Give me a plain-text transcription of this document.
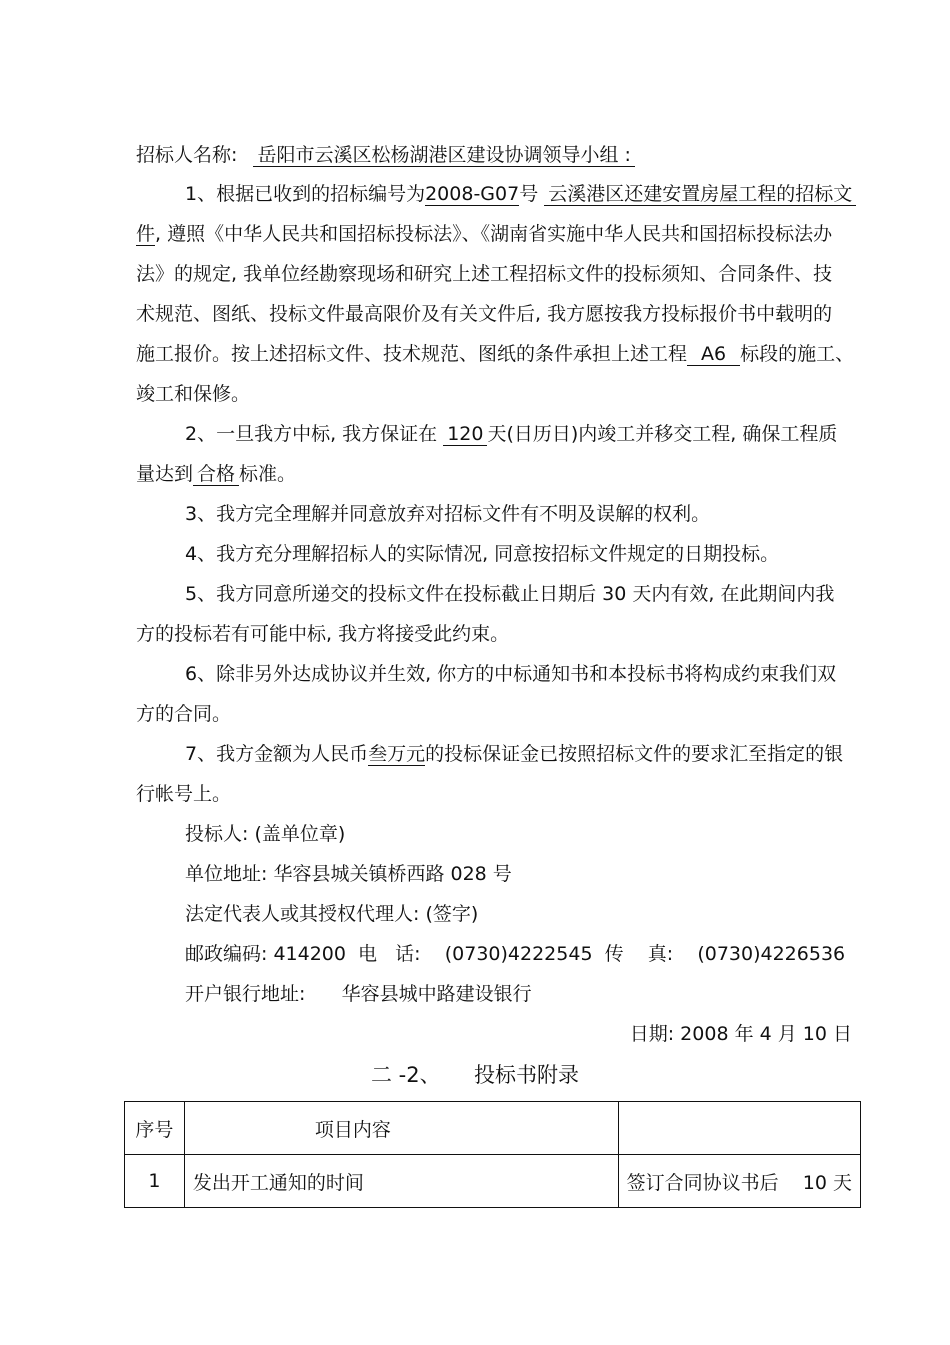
招标人名称: 岳阳市云溪区松杨湖港区建设协调领导小组 :
1、根据已收到的招标编号为2008-G07号 云溪港区还建安置房屋工程的招标文
件, 遵照《中华人民共和国招标投标法》、《湖南省实施中华人民共和国招标投标法办
法》的规定, 我单位经勘察现场和研究上述工程招标文件的投标须知、合同条件、技
术规范、图纸、投标文件最高限价及有关文件后, 我方愿按我方投标报价书中载明的
施工报价。按上述招标文件、技术规范、图纸的条件承担上述工程 A6 标段的施工、
竣工和保修。
2、一旦我方中标, 我方保证在 120 天(日历日)内竣工并移交工程, 确保工程质
量达到 合格 标准。
3、我方完全理解并同意放弃对招标文件有不明及误解的权利。
4、我方充分理解招标人的实际情况, 同意按招标文件规定的日期投标。
5、我方同意所递交的投标文件在投标截止日期后 30 天内有效, 在此期间内我
方的投标若有可能中标, 我方将接受此约束。
6、除非另外达成协议并生效, 你方的中标通知书和本投标书将构成约束我们双
方的合同。
7、我方金额为人民币叁万元的投标保证金已按照招标文件的要求汇至指定的银
行帐号上。
投标人: (盖单位章)
单位地址: 华容县城关镇桥西路 028 号
法定代表人或其授权代理人: (签字)
邮政编码: 414200  电   话:    (0730)4222545  传    真:    (0730)4226536
开户银行地址:      华容县城中路建设银行
日期: 2008 年 4 月 10 日
二 -2、     投标书附录
序号	项目内容	
1	发出开工通知的时间	签订合同协议书后    10 天
